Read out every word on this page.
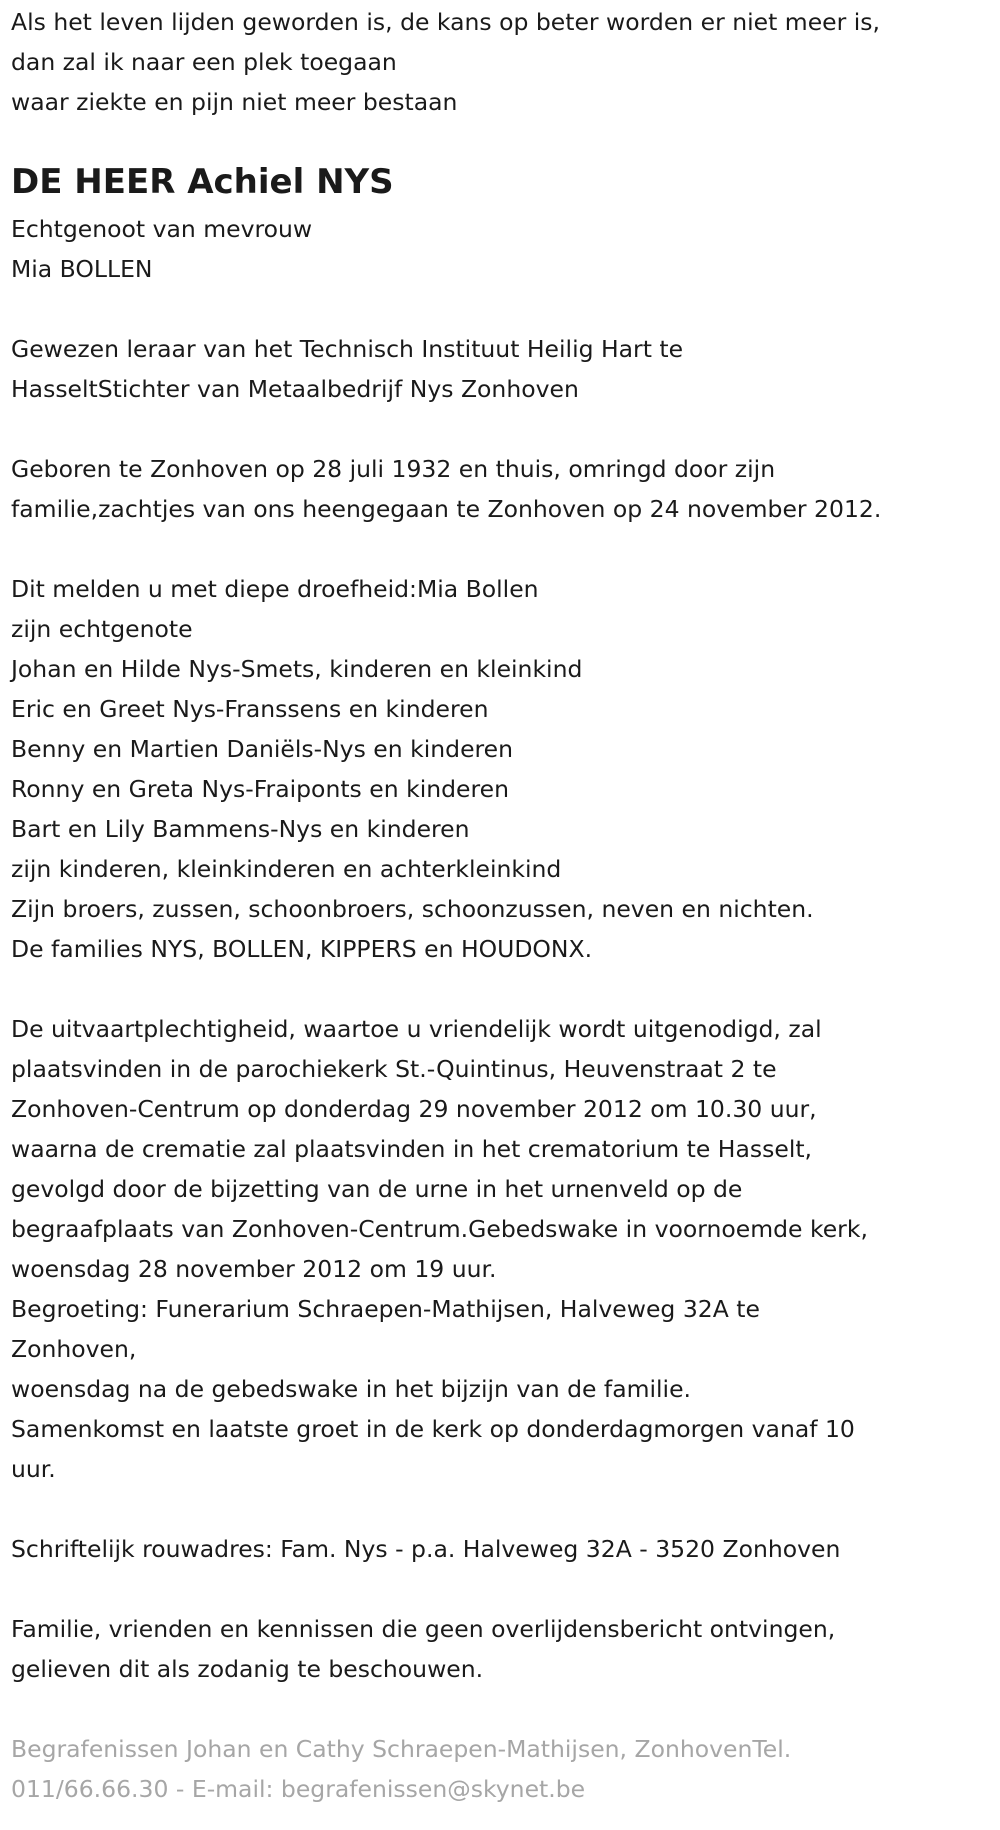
Als het leven lijden geworden is, de kans op beter worden er niet meer is,
dan zal ik naar een plek toegaan
waar ziekte en pijn niet meer bestaan
DE HEER Achiel NYS
Echtgenoot van mevrouw
Mia BOLLEN
Gewezen leraar van het Technisch Instituut Heilig Hart te
HasseltStichter van Metaalbedrijf Nys Zonhoven
Geboren te Zonhoven op 28 juli 1932 en thuis, omringd door zijn
familie,zachtjes van ons heengegaan te Zonhoven op 24 november 2012.
Dit melden u met diepe droefheid:Mia Bollen
zijn echtgenote
Johan en Hilde Nys-Smets, kinderen en kleinkind
Eric en Greet Nys-Franssens en kinderen
Benny en Martien Daniëls-Nys en kinderen
Ronny en Greta Nys-Fraiponts en kinderen
Bart en Lily Bammens-Nys en kinderen
zijn kinderen, kleinkinderen en achterkleinkind
Zijn broers, zussen, schoonbroers, schoonzussen, neven en nichten.
De families NYS, BOLLEN, KIPPERS en HOUDONX.
De uitvaartplechtigheid, waartoe u vriendelijk wordt uitgenodigd, zal
plaatsvinden in de parochiekerk St.-Quintinus, Heuvenstraat 2 te
Zonhoven-Centrum op donderdag 29 november 2012 om 10.30 uur,
waarna de crematie zal plaatsvinden in het crematorium te Hasselt,
gevolgd door de bijzetting van de urne in het urnenveld op de
begraafplaats van Zonhoven-Centrum.Gebedswake in voornoemde kerk,
woensdag 28 november 2012 om 19 uur.
Begroeting: Funerarium Schraepen-Mathijsen, Halveweg 32A te
Zonhoven,
woensdag na de gebedswake in het bijzijn van de familie.
Samenkomst en laatste groet in de kerk op donderdagmorgen vanaf 10
uur.
Schriftelijk rouwadres: Fam. Nys - p.a. Halveweg 32A - 3520 Zonhoven
Familie, vrienden en kennissen die geen overlijdensbericht ontvingen,
gelieven dit als zodanig te beschouwen.
Begrafenissen Johan en Cathy Schraepen-Mathijsen, ZonhovenTel.
011/66.66.30 - E-mail: begrafenissen@skynet.be
